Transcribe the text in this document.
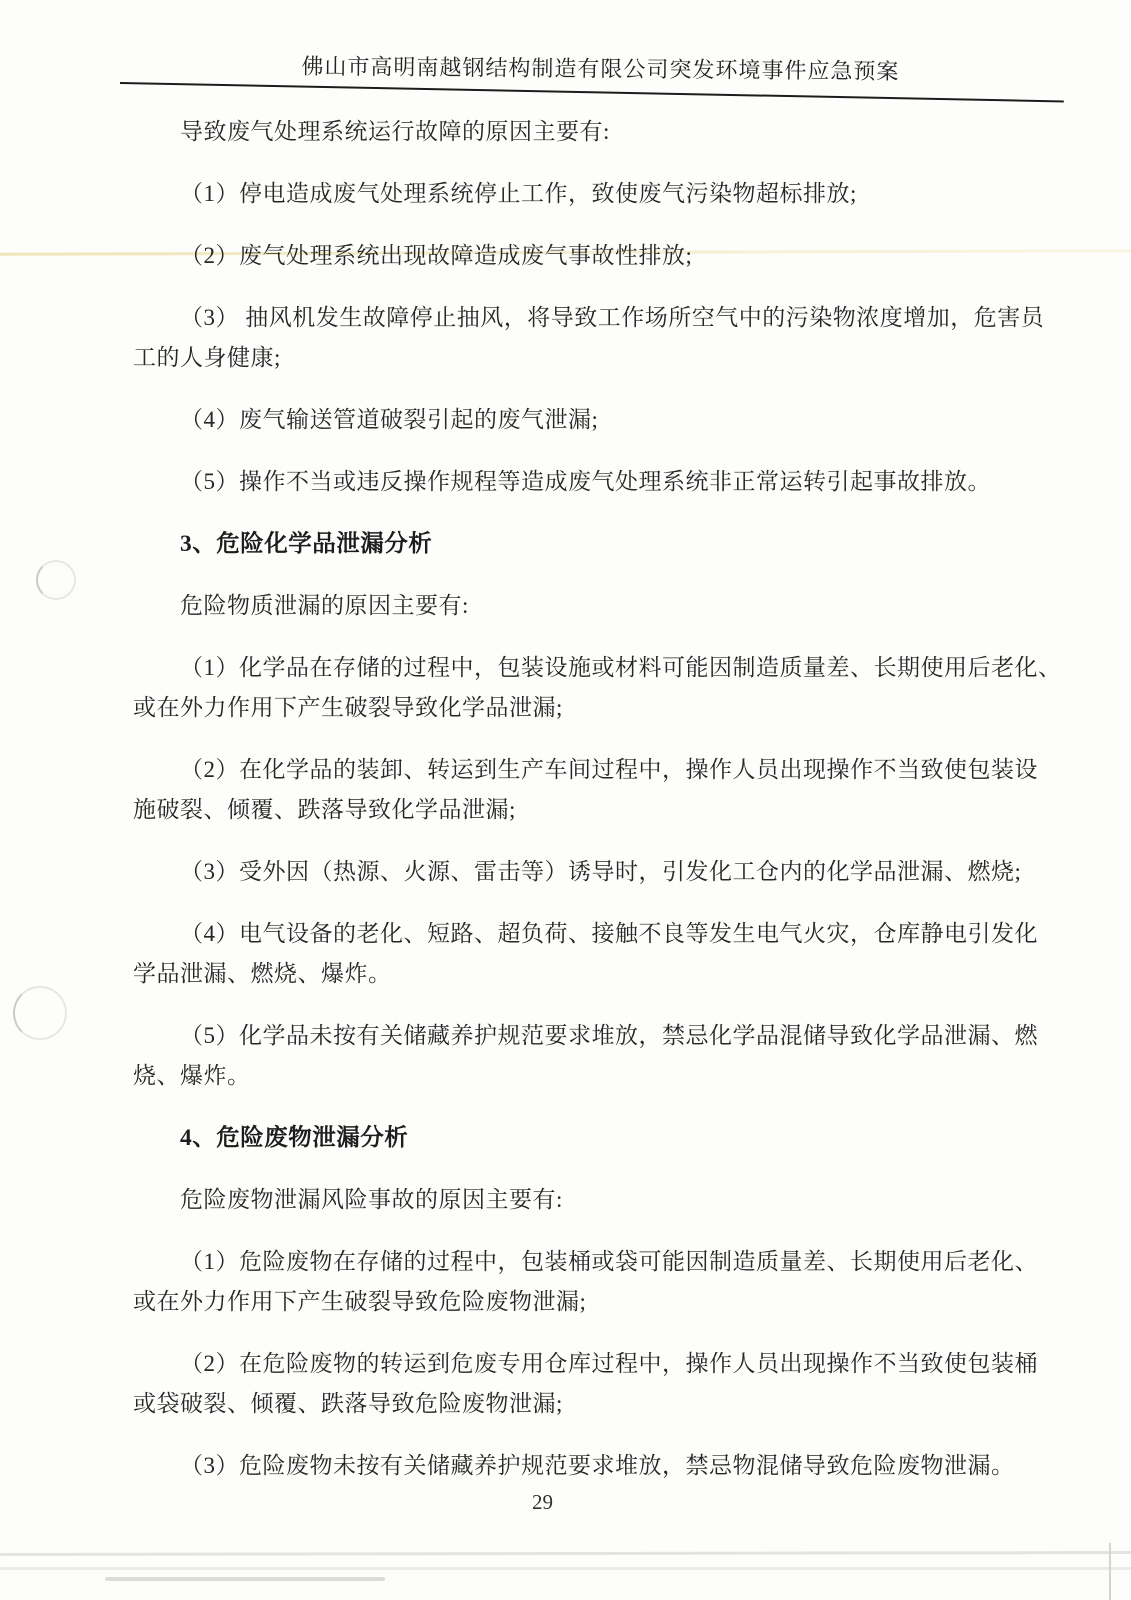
佛山市高明南越钢结构制造有限公司突发环境事件应急预案

导致废气处理系统运行故障的原因主要有:

（1）停电造成废气处理系统停止工作，致使废气污染物超标排放;

（2）废气处理系统出现故障造成废气事故性排放;

（3） 抽风机发生故障停止抽风，将导致工作场所空气中的污染物浓度增加，危害员
工的人身健康;

（4）废气输送管道破裂引起的废气泄漏;

（5）操作不当或违反操作规程等造成废气处理系统非正常运转引起事故排放。

3、危险化学品泄漏分析

危险物质泄漏的原因主要有:

（1）化学品在存储的过程中，包装设施或材料可能因制造质量差、长期使用后老化、
或在外力作用下产生破裂导致化学品泄漏;

（2）在化学品的装卸、转运到生产车间过程中，操作人员出现操作不当致使包装设
施破裂、倾覆、跌落导致化学品泄漏;

（3）受外因（热源、火源、雷击等）诱导时，引发化工仓内的化学品泄漏、燃烧;

（4）电气设备的老化、短路、超负荷、接触不良等发生电气火灾，仓库静电引发化
学品泄漏、燃烧、爆炸。

（5）化学品未按有关储藏养护规范要求堆放，禁忌化学品混储导致化学品泄漏、燃
烧、爆炸。

4、危险废物泄漏分析

危险废物泄漏风险事故的原因主要有:

（1）危险废物在存储的过程中，包装桶或袋可能因制造质量差、长期使用后老化、
或在外力作用下产生破裂导致危险废物泄漏;

（2）在危险废物的转运到危废专用仓库过程中，操作人员出现操作不当致使包装桶
或袋破裂、倾覆、跌落导致危险废物泄漏;

（3）危险废物未按有关储藏养护规范要求堆放，禁忌物混储导致危险废物泄漏。

29
